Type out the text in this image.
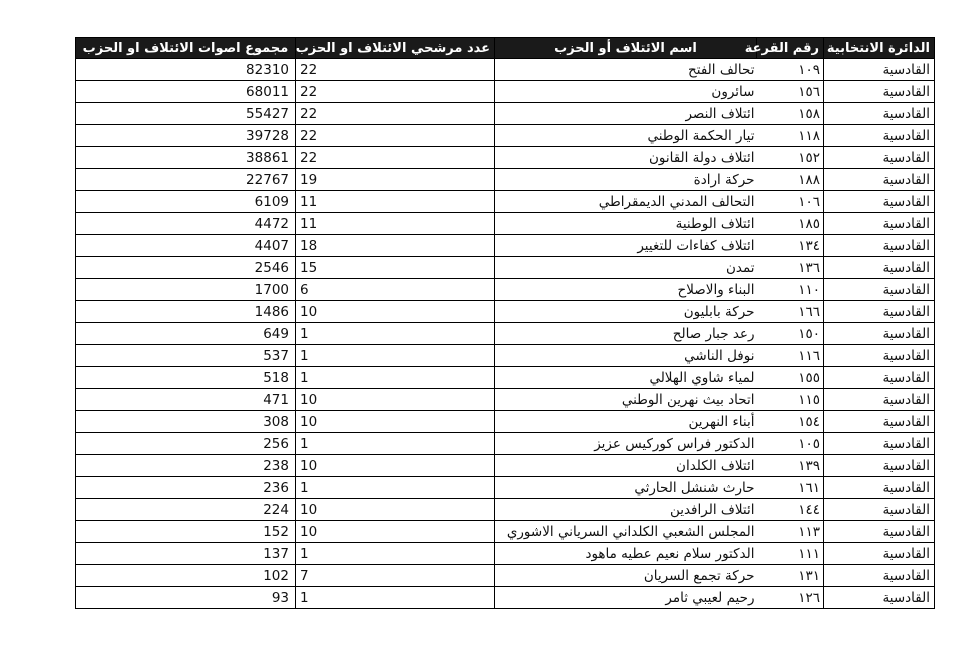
الدائرة الانتخابية	رقم القرعة	اسم الائتلاف أو الحزب	عدد مرشحي الائتلاف او الحزب	مجموع اصوات الائتلاف او الحزب
القادسية	١٠٩	تحالف الفتح	22	82310
القادسية	١٥٦	سائرون	22	68011
القادسية	١٥٨	ائتلاف النصر	22	55427
القادسية	١١٨	تيار الحكمة الوطني	22	39728
القادسية	١٥٢	ائتلاف دولة القانون	22	38861
القادسية	١٨٨	حركة ارادة	19	22767
القادسية	١٠٦	التحالف المدني الديمقراطي	11	6109
القادسية	١٨٥	ائتلاف الوطنية	11	4472
القادسية	١٣٤	ائتلاف كفاءات للتغيير	18	4407
القادسية	١٣٦	تمدن	15	2546
القادسية	١١٠	البناء والاصلاح	6	1700
القادسية	١٦٦	حركة بابليون	10	1486
القادسية	١٥٠	رعد جبار صالح	1	649
القادسية	١١٦	نوفل الناشي	1	537
القادسية	١٥٥	لمياء شاوي الهلالي	1	518
القادسية	١١٥	اتحاد بيث نهرين الوطني	10	471
القادسية	١٥٤	أبناء النهرين	10	308
القادسية	١٠٥	الدكتور فراس كوركيس عزيز	1	256
القادسية	١٣٩	ائتلاف الكلدان	10	238
القادسية	١٦١	حارث شنشل الحارثي	1	236
القادسية	١٤٤	ائتلاف الرافدين	10	224
القادسية	١١٣	المجلس الشعبي الكلداني السرياني الاشوري	10	152
القادسية	١١١	الدكتور سلام نعيم عطيه ماهود	1	137
القادسية	١٣١	حركة تجمع السريان	7	102
القادسية	١٢٦	رحيم لعيبي ثامر	1	93
